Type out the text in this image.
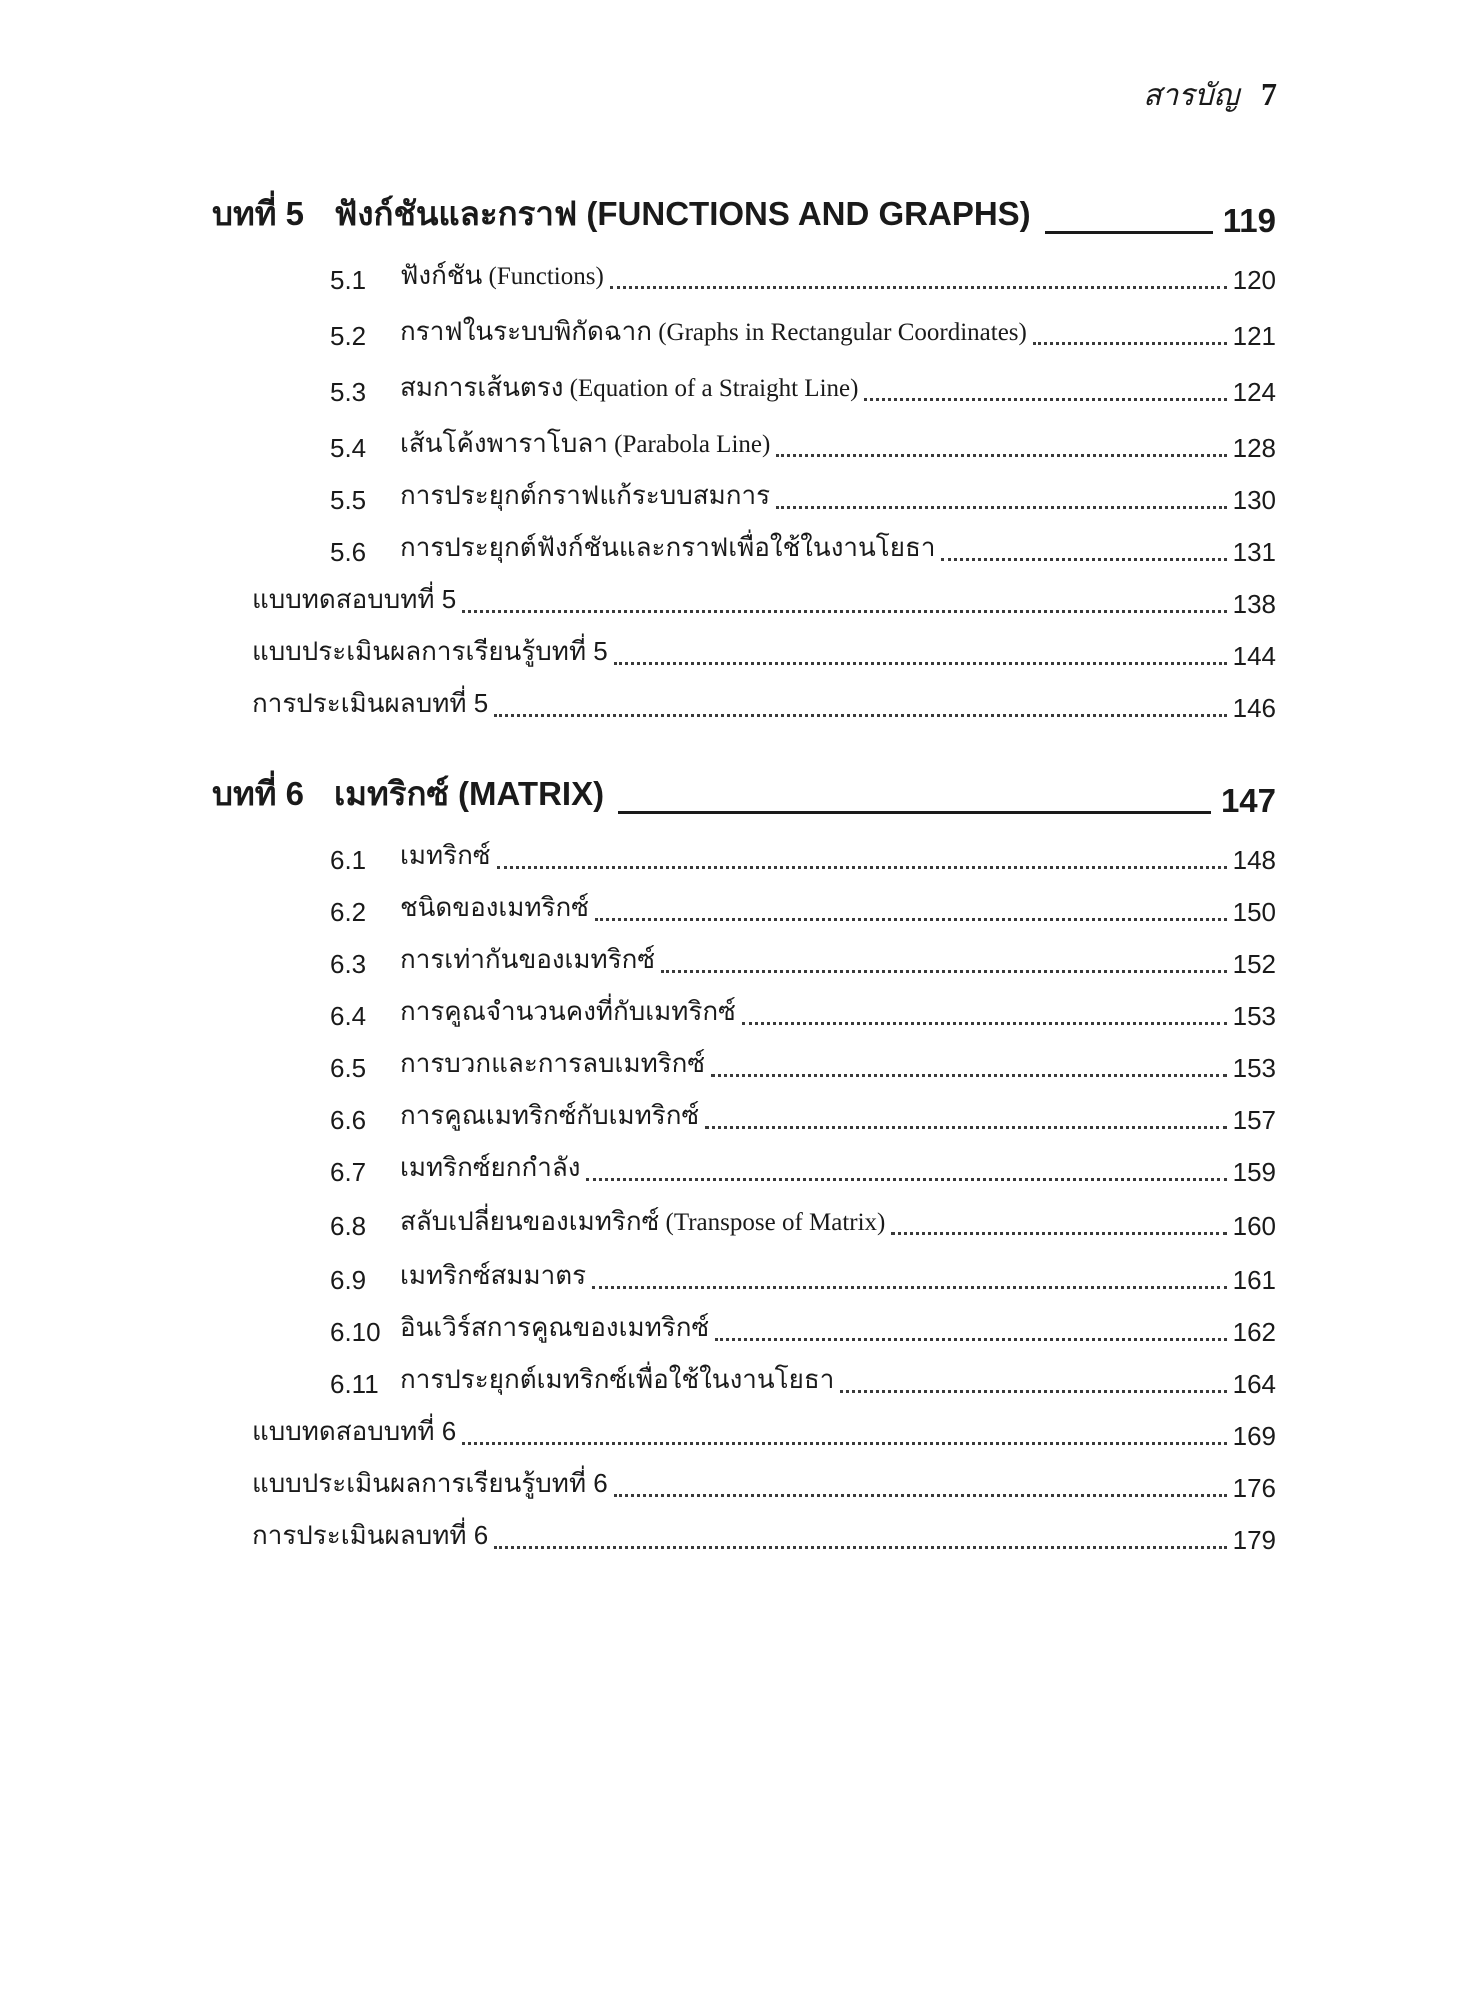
สารบัญ 7
บทที่ 5 ฟังก์ชันและกราฟ (FUNCTIONS AND GRAPHS)	119
5.1	ฟังก์ชัน (Functions)	120
5.2	กราฟในระบบพิกัดฉาก (Graphs in Rectangular Coordinates)	121
5.3	สมการเส้นตรง (Equation of a Straight Line)	124
5.4	เส้นโค้งพาราโบลา (Parabola Line)	128
5.5	การประยุกต์กราฟแก้ระบบสมการ	130
5.6	การประยุกต์ฟังก์ชันและกราฟเพื่อใช้ในงานโยธา	131
แบบทดสอบบทที่ 5	138
แบบประเมินผลการเรียนรู้บทที่ 5	144
การประเมินผลบทที่ 5	146
บทที่ 6 เมทริกซ์ (MATRIX)	147
6.1	เมทริกซ์	148
6.2	ชนิดของเมทริกซ์	150
6.3	การเท่ากันของเมทริกซ์	152
6.4	การคูณจำนวนคงที่กับเมทริกซ์	153
6.5	การบวกและการลบเมทริกซ์	153
6.6	การคูณเมทริกซ์กับเมทริกซ์	157
6.7	เมทริกซ์ยกกำลัง	159
6.8	สลับเปลี่ยนของเมทริกซ์ (Transpose of Matrix)	160
6.9	เมทริกซ์สมมาตร	161
6.10 อินเวิร์สการคูณของเมทริกซ์	162
6.11 การประยุกต์เมทริกซ์เพื่อใช้ในงานโยธา	164
แบบทดสอบบทที่ 6	169
แบบประเมินผลการเรียนรู้บทที่ 6	176
การประเมินผลบทที่ 6	179
